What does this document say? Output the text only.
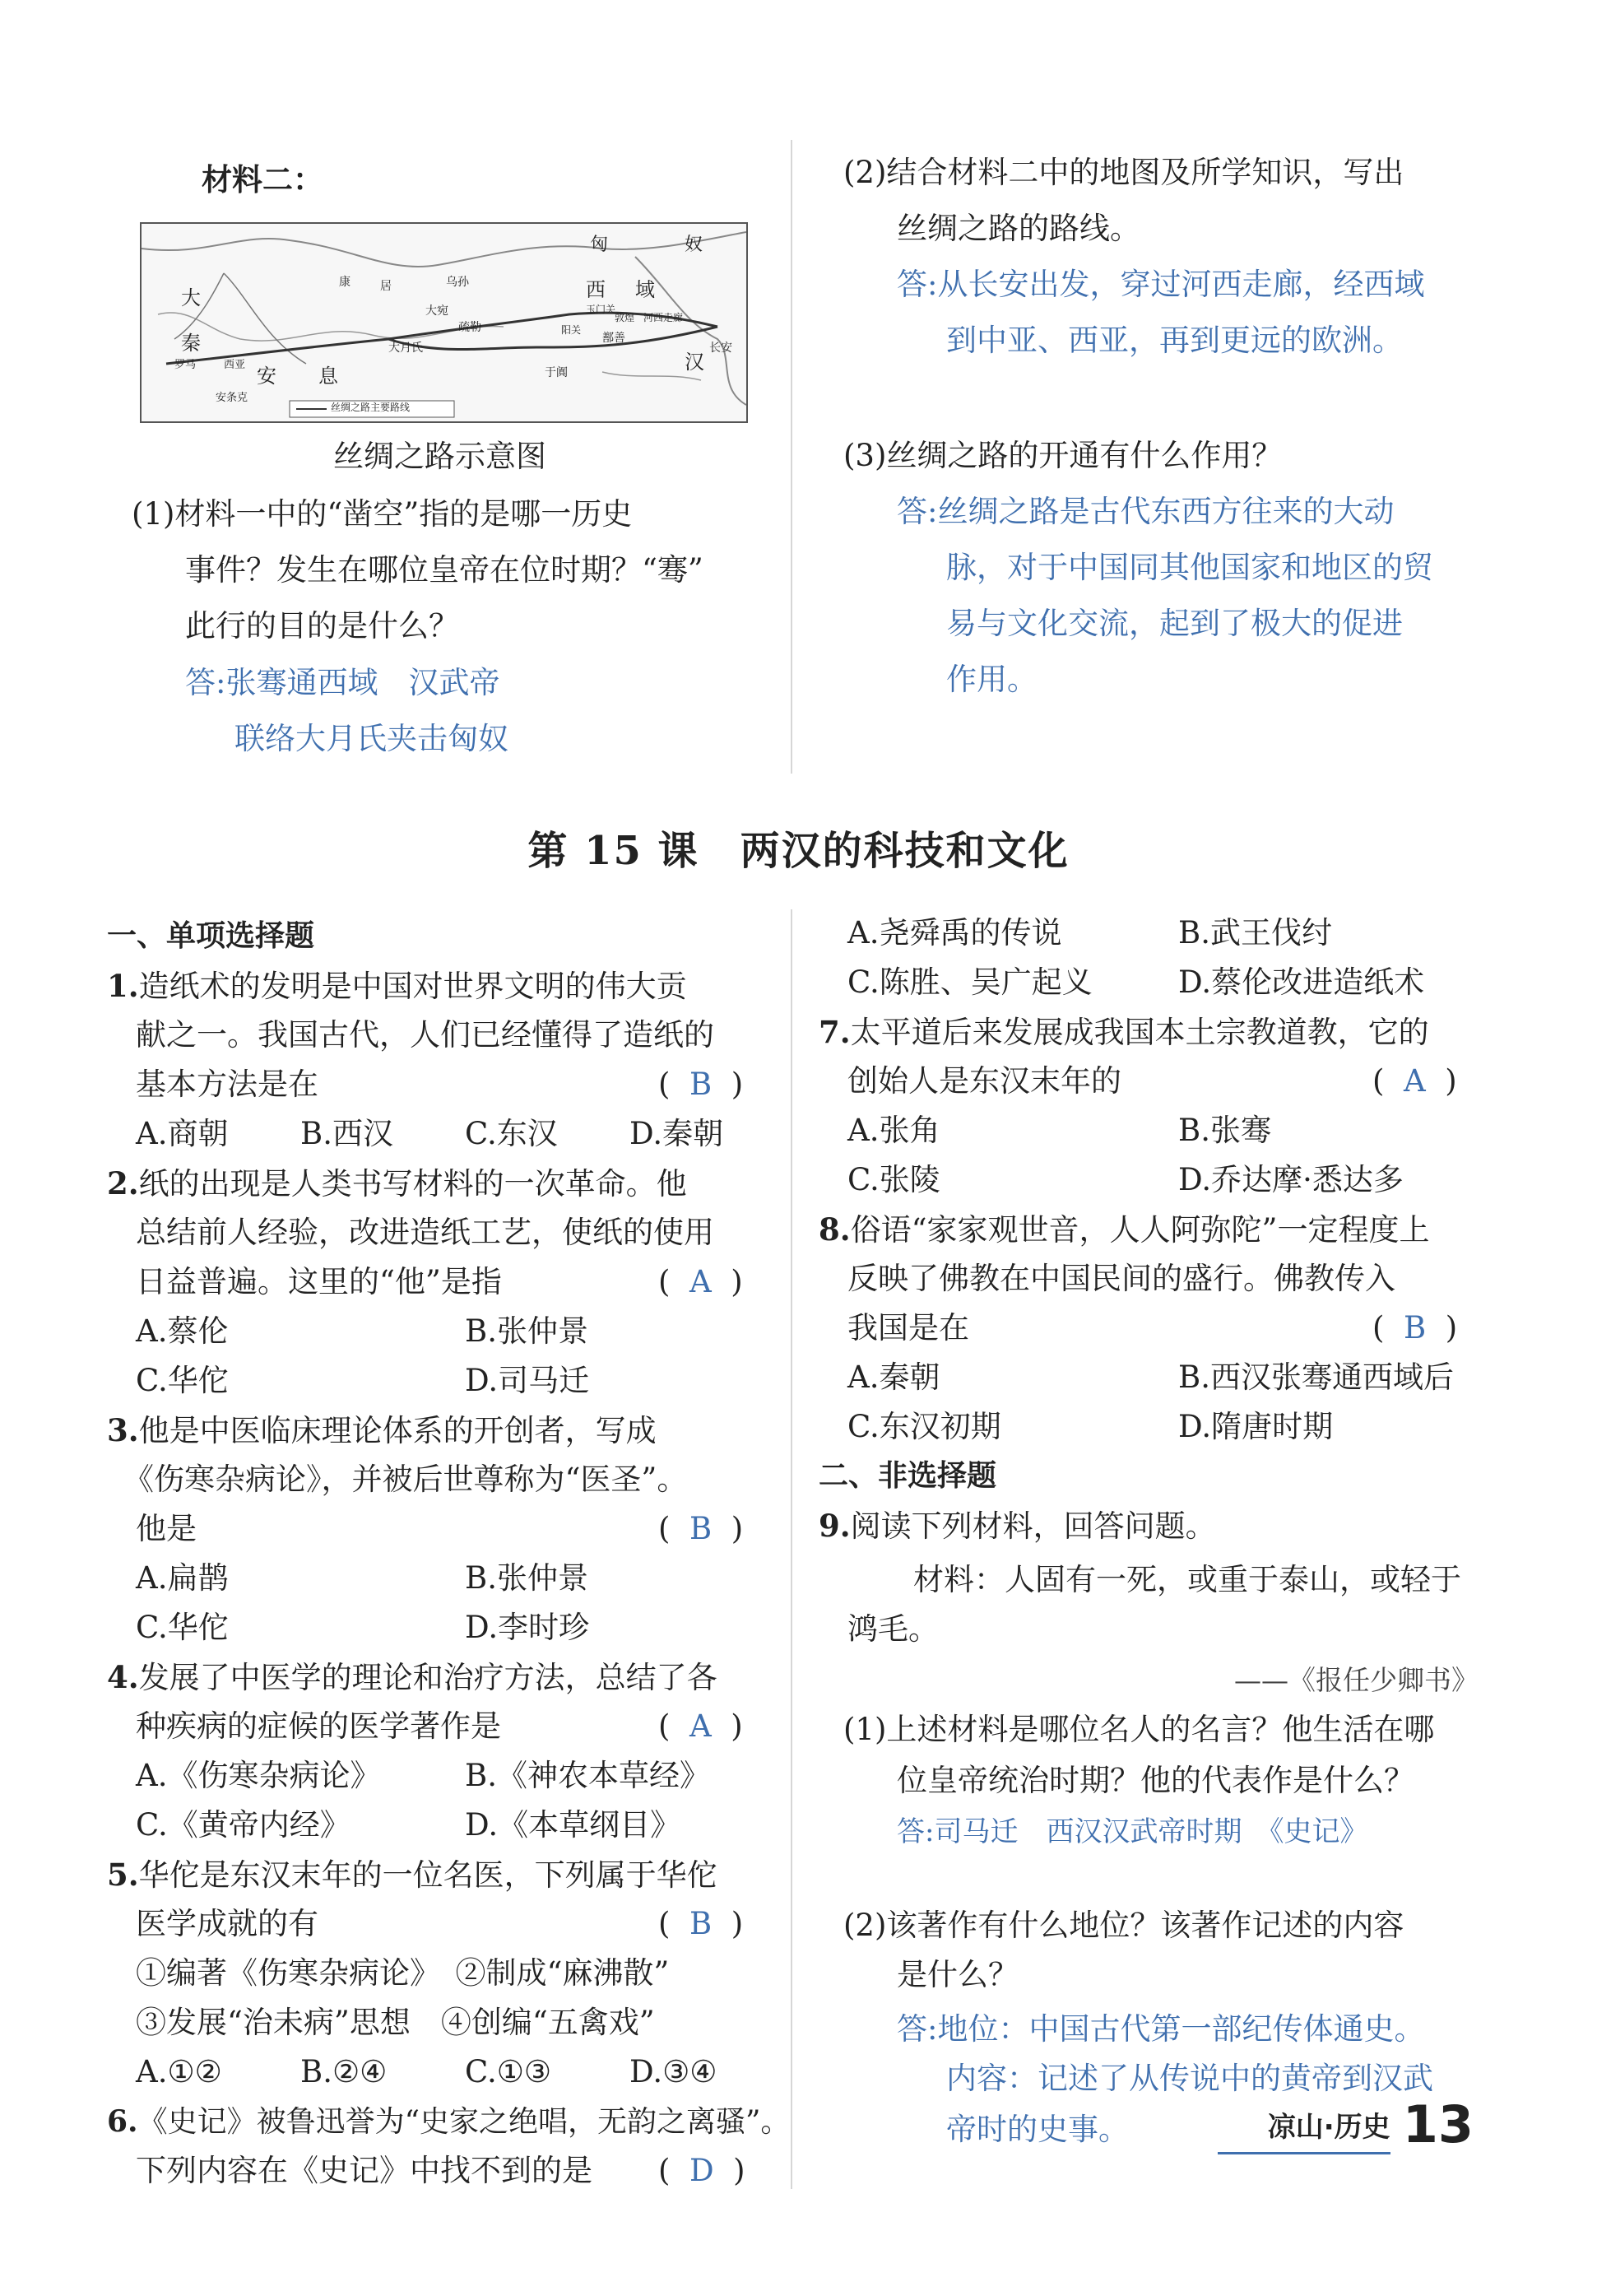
材料二：
丝绸之路主要路线
匈	奴
西 域
汉
长安
大
秦
安 息
康	居	乌孙
大宛
疏勒
大月氏
于阗
鄯善
玉门关
阳关
敦煌 河西走廊
罗马	西亚
安条克
丝绸之路示意图
(1)材料一中的“凿空”指的是哪一历史
事件？发生在哪位皇帝在位时期？“骞”
此行的目的是什么？
答:张骞通西域　汉武帝
联络大月氏夹击匈奴
(2)结合材料二中的地图及所学知识，写出
丝绸之路的路线。
答:从长安出发，穿过河西走廊，经西域
到中亚、西亚，再到更远的欧洲。
(3)丝绸之路的开通有什么作用？
答:丝绸之路是古代东西方往来的大动
脉，对于中国同其他国家和地区的贸
易与文化交流，起到了极大的促进
作用。
第 15 课　两汉的科技和文化
一、单项选择题
1.造纸术的发明是中国对世界文明的伟大贡
献之一。我国古代，人们已经懂得了造纸的
基本方法是在	(  B  )
A.商朝 B.西汉 C.东汉 D.秦朝
2.纸的出现是人类书写材料的一次革命。他
总结前人经验，改进造纸工艺，使纸的使用
日益普遍。这里的“他”是指	(  A  )
A.蔡伦	B.张仲景
C.华佗	D.司马迁
3.他是中医临床理论体系的开创者，写成
《伤寒杂病论》，并被后世尊称为“医圣”。
他是	(  B  )
A.扁鹊	B.张仲景
C.华佗	D.李时珍
4.发展了中医学的理论和治疗方法，总结了各
种疾病的症候的医学著作是	(  A  )
A.《伤寒杂病论》	B.《神农本草经》
C.《黄帝内经》	D.《本草纲目》
5.华佗是东汉末年的一位名医，下列属于华佗
医学成就的有	(  B  )
①编著《伤寒杂病论》　②制成“麻沸散”
③发展“治未病”思想　④创编“五禽戏”
A.①②	B.②④	C.①③	D.③④
6.《史记》被鲁迅誉为“史家之绝唱，无韵之离骚”。
下列内容在《史记》中找不到的是 (  D  )
A.尧舜禹的传说	B.武王伐纣
C.陈胜、吴广起义	D.蔡伦改进造纸术
7.太平道后来发展成我国本土宗教道教，它的
创始人是东汉末年的	(  A  )
A.张角	B.张骞
C.张陵	D.乔达摩·悉达多
8.俗语“家家观世音，人人阿弥陀”一定程度上
反映了佛教在中国民间的盛行。佛教传入
我国是在	(  B  )
A.秦朝	B.西汉张骞通西域后
C.东汉初期	D.隋唐时期
二、非选择题
9.阅读下列材料，回答问题。
材料：人固有一死，或重于泰山，或轻于
鸿毛。
——《报任少卿书》
(1)上述材料是哪位名人的名言？他生活在哪
位皇帝统治时期？他的代表作是什么？
答:司马迁　西汉汉武帝时期　《史记》
(2)该著作有什么地位？该著作记述的内容
是什么？
答:地位：中国古代第一部纪传体通史。
内容：记述了从传说中的黄帝到汉武
帝时的史事。	凉山·历史 13
